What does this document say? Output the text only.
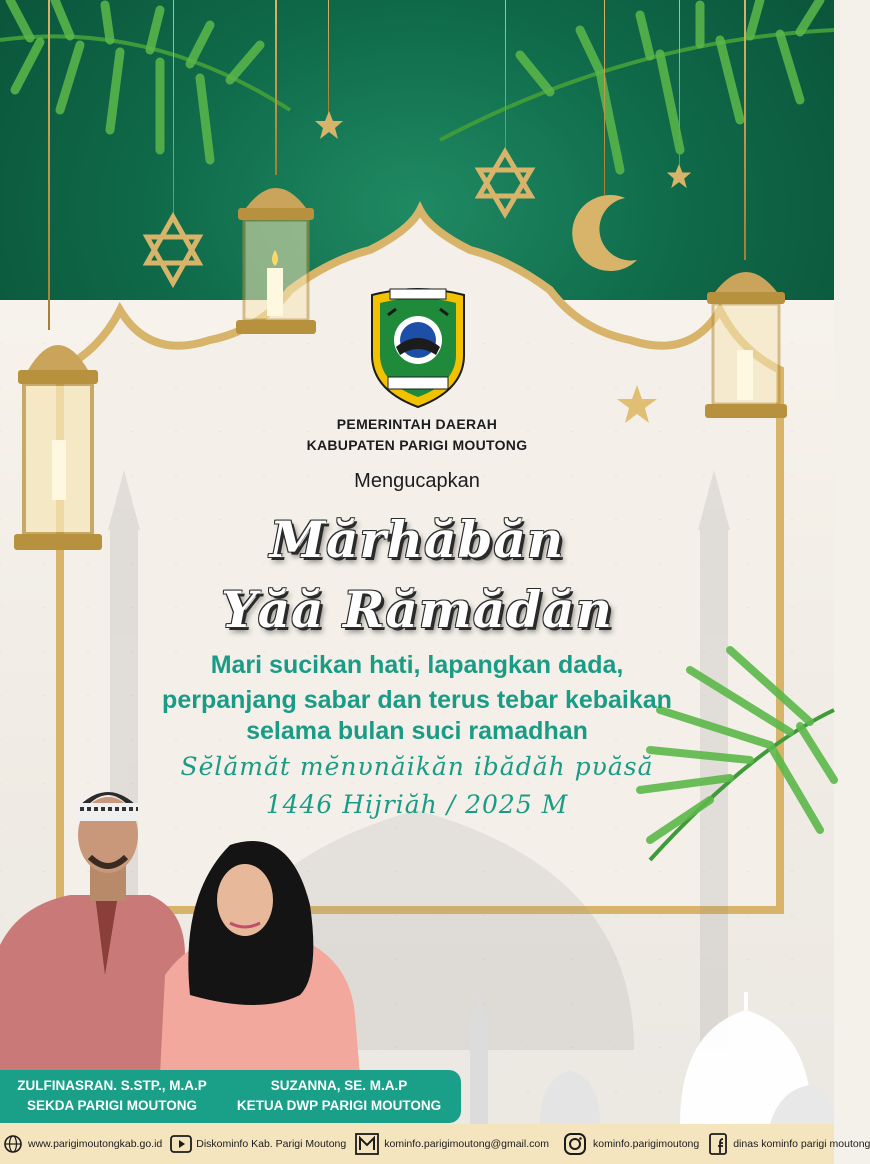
PEMERINTAH DAERAH
KABUPATEN PARIGI MOUTONG
Mengucapkan
Mărhăbăn
Yăă Rămădăn
Mari sucikan hati, lapangkan dada,
perpanjang sabar dan terus tebar kebaikan
selama bulan suci ramadhan
Sĕlămăt mĕnυnăikăn ibădăh pυăsă
1446 Hijriăh / 2025 M
ZULFINASRAN. S.STP., M.A.P
SEKDA PARIGI MOUTONG
SUZANNA, SE. M.A.P
KETUA DWP PARIGI MOUTONG
www.parigimoutongkab.go.id	Diskominfo Kab. Parigi Moutong	kominfo.parigimoutong@gmail.com	kominfo.parigimoutong	dinas kominfo parigi moutong
